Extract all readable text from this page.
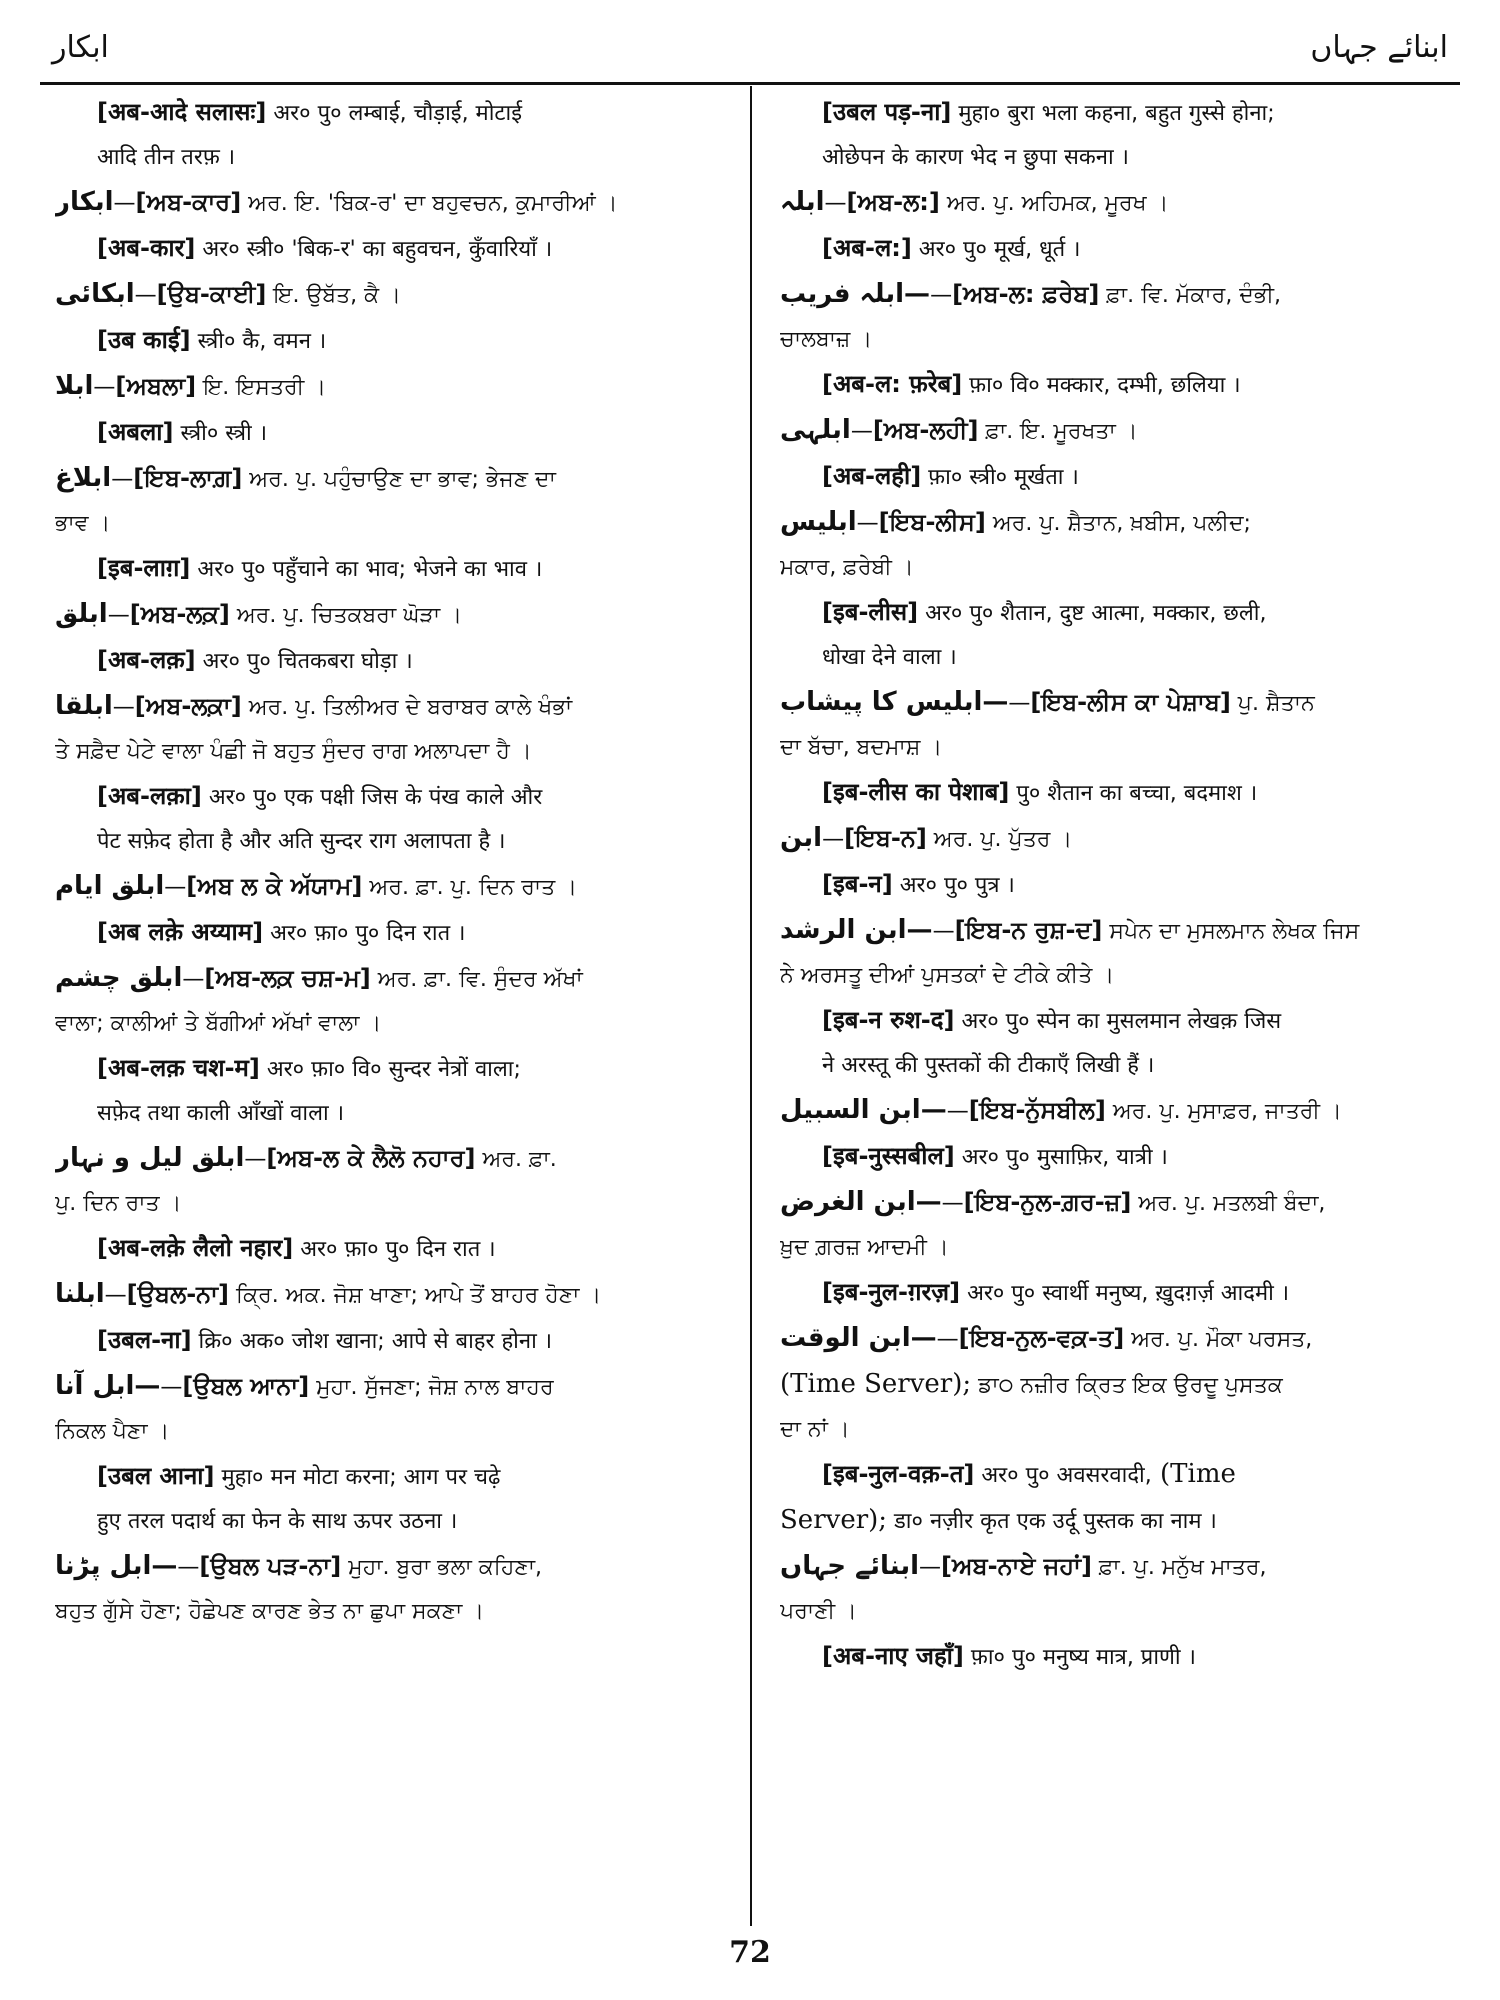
ابکار	ابنائے جہاں
[अब-आदे सलासः] अर० पु० लम्बाई, चौड़ाई, मोटाई
आदि तीन तरफ़ ।
ابکار—[ਅਬ-ਕਾਰ] ਅਰ. ਇ. 'ਬਿਕ-ਰ' ਦਾ ਬਹੁਵਚਨ, ਕੁਮਾਰੀਆਂ ।
[अब-कार] अर० स्त्री० 'बिक-र' का बहुवचन, कुँवारियाँ ।
ابکائی—[ਉਬ-ਕਾਈ] ਇ. ਉਬੱਤ, ਕੈ ।
[उब काई] स्त्री० कै, वमन ।
ابلا—[ਅਬਲਾ] ਇ. ਇਸਤਰੀ ।
[अबला] स्त्री० स्त्री ।
ابلاغ—[ਇਬ-ਲਾਗ਼] ਅਰ. ਪੁ. ਪਹੁੰਚਾਉਣ ਦਾ ਭਾਵ; ਭੇਜਣ ਦਾ
ਭਾਵ ।
[इब-लाग़] अर० पु० पहुँचाने का भाव; भेजने का भाव ।
ابلق—[ਅਬ-ਲਕ਼] ਅਰ. ਪੁ. ਚਿਤਕਬਰਾ ਘੋੜਾ ।
[अब-लक़] अर० पु० चितकबरा घोड़ा ।
ابلقا—[ਅਬ-ਲਕ਼ਾ] ਅਰ. ਪੁ. ਤਿਲੀਅਰ ਦੇ ਬਰਾਬਰ ਕਾਲੇ ਖੰਭਾਂ
ਤੇ ਸਫ਼ੈਦ ਪੇਟੇ ਵਾਲਾ ਪੰਛੀ ਜੋ ਬਹੁਤ ਸੁੰਦਰ ਰਾਗ ਅਲਾਪਦਾ ਹੈ ।
[अब-लक़ा] अर० पु० एक पक्षी जिस के पंख काले और
पेट सफ़ेद होता है और अति सुन्दर राग अलापता है ।
ابلق ایام—[ਅਬ ਲ ਕੇ ਅੱਯਾਮ] ਅਰ. ਫ਼ਾ. ਪੁ. ਦਿਨ ਰਾਤ ।
[अब लक़े अय्याम] अर० फ़ा० पु० दिन रात ।
ابلق چشم—[ਅਬ-ਲਕ਼ ਚਸ਼-ਮ] ਅਰ. ਫ਼ਾ. ਵਿ. ਸੁੰਦਰ ਅੱਖਾਂ
ਵਾਲਾ; ਕਾਲੀਆਂ ਤੇ ਬੱਗੀਆਂ ਅੱਖਾਂ ਵਾਲਾ ।
[अब-लक़ चश-म] अर० फ़ा० वि० सुन्दर नेत्रों वाला;
सफ़ेद तथा काली आँखों वाला ।
ابلق لیل و نہار—[ਅਬ-ਲ ਕੇ ਲੈਲੋ ਨਹਾਰ] ਅਰ. ਫ਼ਾ.
ਪੁ. ਦਿਨ ਰਾਤ ।
[अब-लक़े लैलो नहार] अर० फ़ा० पु० दिन रात ।
ابلنا—[ਉਬਲ-ਨਾ] ਕ੍ਰਿ. ਅਕ. ਜੋਸ਼ ਖਾਣਾ; ਆਪੇ ਤੋਂ ਬਾਹਰ ਹੋਣਾ ।
[उबल-ना] क्रि० अक० जोश खाना; आपे से बाहर होना ।
—ابل آنا—[ਉਬਲ ਆਨਾ] ਮੁਹਾ. ਸੁੱਜਣਾ; ਜੋਸ਼ ਨਾਲ ਬਾਹਰ
ਨਿਕਲ ਪੈਣਾ ।
[उबल आना] मुहा० मन मोटा करना; आग पर चढ़े
हुए तरल पदार्थ का फेन के साथ ऊपर उठना ।
—ابل پڑنا—[ਉਬਲ ਪੜ-ਨਾ] ਮੁਹਾ. ਬੁਰਾ ਭਲਾ ਕਹਿਣਾ,
ਬਹੁਤ ਗੁੱਸੇ ਹੋਣਾ; ਹੋਛੇਪਣ ਕਾਰਣ ਭੇਤ ਨਾ ਛੁਪਾ ਸਕਣਾ ।
[उबल पड़-ना] मुहा० बुरा भला कहना, बहुत गुस्से होना;
ओछेपन के कारण भेद न छुपा सकना ।
ابلہ—[ਅਬ-ਲ:] ਅਰ. ਪੁ. ਅਹਿਮਕ, ਮੂਰਖ ।
[अब-ल:] अर० पु० मूर्ख, धूर्त ।
—ابلہ فریب—[ਅਬ-ਲ: ਫ਼ਰੇਬ] ਫ਼ਾ. ਵਿ. ਮੱਕਾਰ, ਦੰਭੀ,
ਚਾਲਬਾਜ਼ ।
[अब-ल: फ़रेब] फ़ा० वि० मक्कार, दम्भी, छलिया ।
ابلہی—[ਅਬ-ਲਹੀ] ਫ਼ਾ. ਇ. ਮੂਰਖਤਾ ।
[अब-लही] फ़ा० स्त्री० मूर्खता ।
ابلیس—[ਇਬ-ਲੀਸ] ਅਰ. ਪੁ. ਸ਼ੈਤਾਨ, ਖ਼ਬੀਸ, ਪਲੀਦ;
ਮਕਾਰ, ਫ਼ਰੇਬੀ ।
[इब-लीस] अर० पु० शैतान, दुष्ट आत्मा, मक्कार, छली,
धोखा देने वाला ।
—ابلیس کا پیشاب—[ਇਬ-ਲੀਸ ਕਾ ਪੇਸ਼ਾਬ] ਪੁ. ਸ਼ੈਤਾਨ
ਦਾ ਬੱਚਾ, ਬਦਮਾਸ਼ ।
[इब-लीस का पेशाब] पु० शैतान का बच्चा, बदमाश ।
ابن—[ਇਬ-ਨ] ਅਰ. ਪੁ. ਪੁੱਤਰ ।
[इब-न] अर० पु० पुत्र ।
—ابن الرشد—[ਇਬ-ਨ ਰੁਸ਼-ਦ] ਸਪੇਨ ਦਾ ਮੁਸਲਮਾਨ ਲੇਖਕ ਜਿਸ
ਨੇ ਅਰਸਤੂ ਦੀਆਂ ਪੁਸਤਕਾਂ ਦੇ ਟੀਕੇ ਕੀਤੇ ।
[इब-न रुश-द] अर० पु० स्पेन का मुसलमान लेखक़ जिस
ने अरस्तू की पुस्तकों की टीकाएँ लिखी हैं ।
—ابن السبیل—[ਇਬ-ਨੁੱਸਬੀਲ] ਅਰ. ਪੁ. ਮੁਸਾਫ਼ਰ, ਜਾਤਰੀ ।
[इब-नुस्सबील] अर० पु० मुसाफ़िर, यात्री ।
—ابن الغرض—[ਇਬ-ਨੁਲ-ਗ਼ਰ-ਜ਼] ਅਰ. ਪੁ. ਮਤਲਬੀ ਬੰਦਾ,
ਖ਼ੁਦ ਗ਼ਰਜ਼ ਆਦਮੀ ।
[इब-नुल-ग़रज़] अर० पु० स्वार्थी मनुष्य, ख़ुदग़र्ज़ आदमी ।
—ابن الوقت—[ਇਬ-ਨੁਲ-ਵਕ਼-ਤ] ਅਰ. ਪੁ. ਮੌਕਾ ਪਰਸਤ,
(Time Server); ਡਾ੦ ਨਜ਼ੀਰ ਕ੍ਰਿਤ ਇਕ ਉਰਦੂ ਪੁਸਤਕ
ਦਾ ਨਾਂ ।
[इब-नुल-वक़-त] अर० पु० अवसरवादी, (Time
Server); डा० नज़ीर कृत एक उर्दू पुस्तक का नाम ।
ابنائے جہاں—[ਅਬ-ਨਾਏ ਜਹਾਂ] ਫ਼ਾ. ਪੁ. ਮਨੁੱਖ ਮਾਤਰ,
ਪਰਾਣੀ ।
[अब-नाए जहाँ] फ़ा० पु० मनुष्य मात्र, प्राणी ।
72
